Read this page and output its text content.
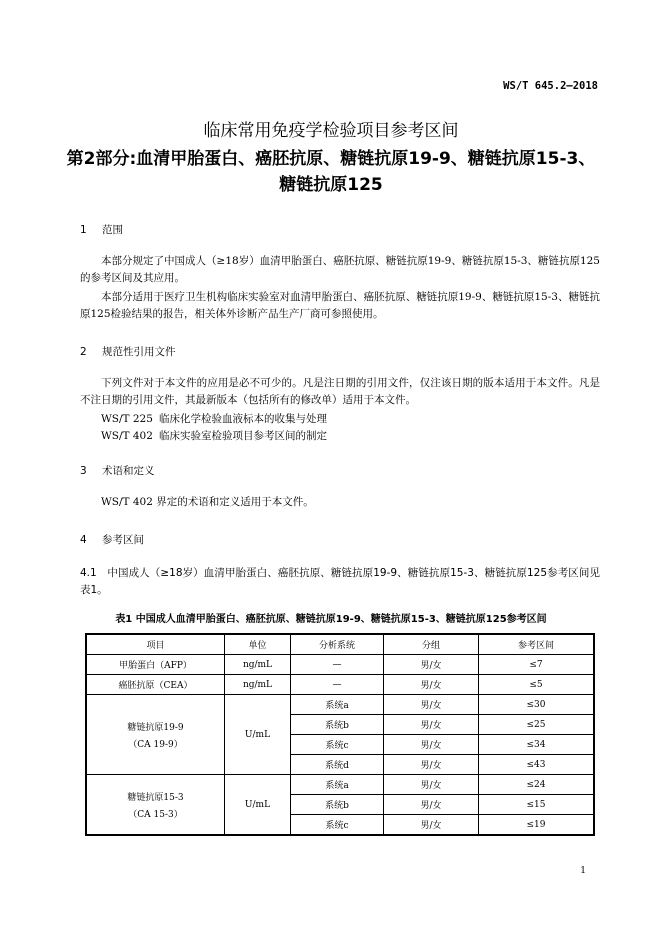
WS/T 645.2—2018
临床常用免疫学检验项目参考区间
第2部分:血清甲胎蛋白、癌胚抗原、糖链抗原19-9、糖链抗原15-3、
糖链抗原125
1 范围
本部分规定了中国成人（≥18岁）血清甲胎蛋白、癌胚抗原、糖链抗原19-9、糖链抗原15-3、糖链抗原125的参考区间及其应用。
本部分适用于医疗卫生机构临床实验室对血清甲胎蛋白、癌胚抗原、糖链抗原19-9、糖链抗原15-3、糖链抗原125检验结果的报告，相关体外诊断产品生产厂商可参照使用。
2 规范性引用文件
下列文件对于本文件的应用是必不可少的。凡是注日期的引用文件，仅注该日期的版本适用于本文件。凡是不注日期的引用文件，其最新版本（包括所有的修改单）适用于本文件。
WS/T 225 临床化学检验血液标本的收集与处理
WS/T 402 临床实验室检验项目参考区间的制定
3 术语和定义
WS/T 402 界定的术语和定义适用于本文件。
4 参考区间
4.1　中国成人（≥18岁）血清甲胎蛋白、癌胚抗原、糖链抗原19-9、糖链抗原15-3、糖链抗原125参考区间见表1。
表1 中国成人血清甲胎蛋白、癌胚抗原、糖链抗原19-9、糖链抗原15-3、糖链抗原125参考区间
项目	单位	分析系统	分组	参考区间
甲胎蛋白（AFP）	ng/mL	—	男/女	≤7
癌胚抗原（CEA）	ng/mL	—	男/女	≤5

糖链抗原19-9
（CA 19-9）	U/mL	系统a	男/女	≤30
		系统b	男/女	≤25
		系统c	男/女	≤34
		系统d	男/女	≤43

糖链抗原15-3
（CA 15-3）	U/mL	系统a	男/女	≤24
		系统b	男/女	≤15
		系统c	男/女	≤19
1
